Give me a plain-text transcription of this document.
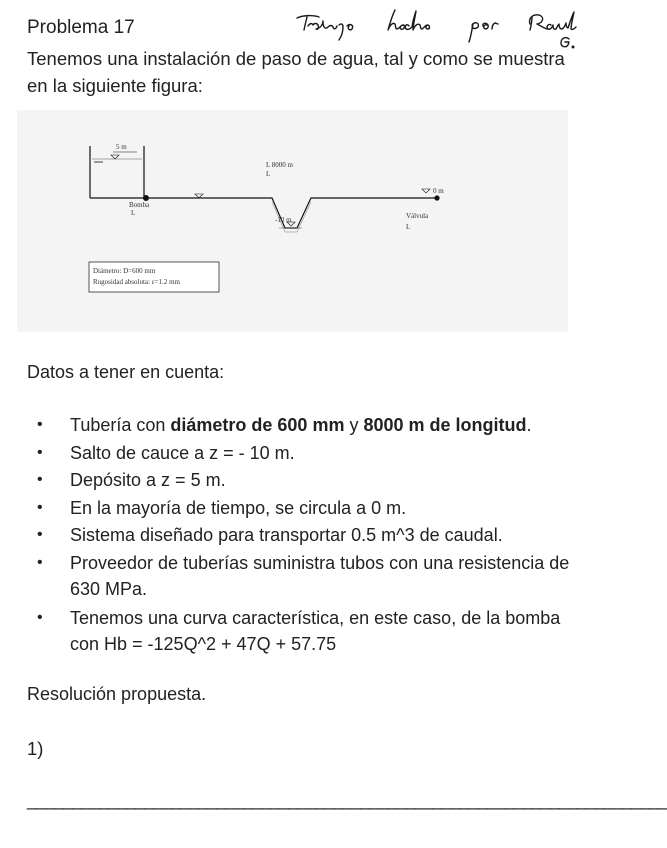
Problema 17
Tenemos una instalación de paso de agua, tal y como se muestra en la siguiente figura:
5 m
Bomba
L
L 8000 m
L
-10 m
0 m
Válvula
L
Diámetro: D=600 mm
Rugosidad absoluta: ε=1.2 mm
Datos a tener en cuenta:
• Tubería con diámetro de 600 mm y 8000 m de longitud.
• Salto de cauce a z = - 10 m.
• Depósito a z = 5 m.
• En la mayoría de tiempo, se circula a 0 m.
• Sistema diseñado para transportar 0.5 m^3 de caudal.
• Proveedor de tuberías suministra tubos con una resistencia de 630 MPa.
• Tenemos una curva característica, en este caso, de la bomba con Hb = -125Q^2 + 47Q + 57.75
Resolución propuesta.
1)
_______________________________________________________________________
